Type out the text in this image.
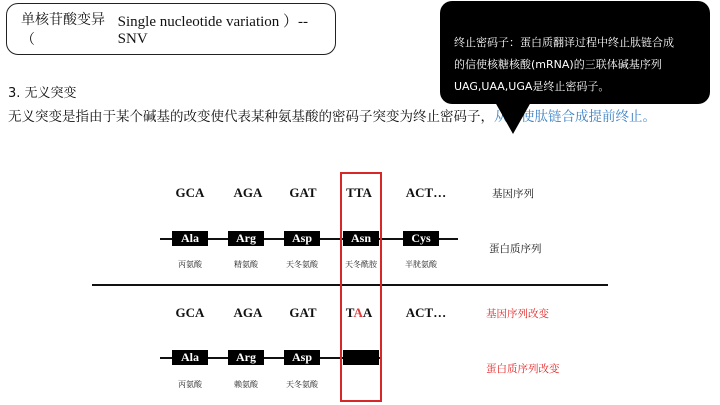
单核苷酸变异（
Single nucleotide variation ）--SNV
3. 无义突变
无义突变是指由于某个碱基的改变使代表某种氨基酸的密码子突变为终止密码子，从而使肽链合成提前终止。
终止密码子：蛋白质翻译过程中终止肽链合成
的信使核糖核酸(mRNA)的三联体碱基序列
UAG,UAA,UGA是终止密码子。
GCA	AGA	GAT	TTA	ACT…	基因序列
Ala	Arg	Asp	Asn	Cys
蛋白质序列
丙氨酸	精氨酸	天冬氨酸	天冬酰胺	半胱氨酸
GCA	AGA	GAT	TAA	ACT…	基因序列改变
Ala	Arg	Asp
蛋白质序列改变
丙氨酸	赖氨酸	天冬氨酸
